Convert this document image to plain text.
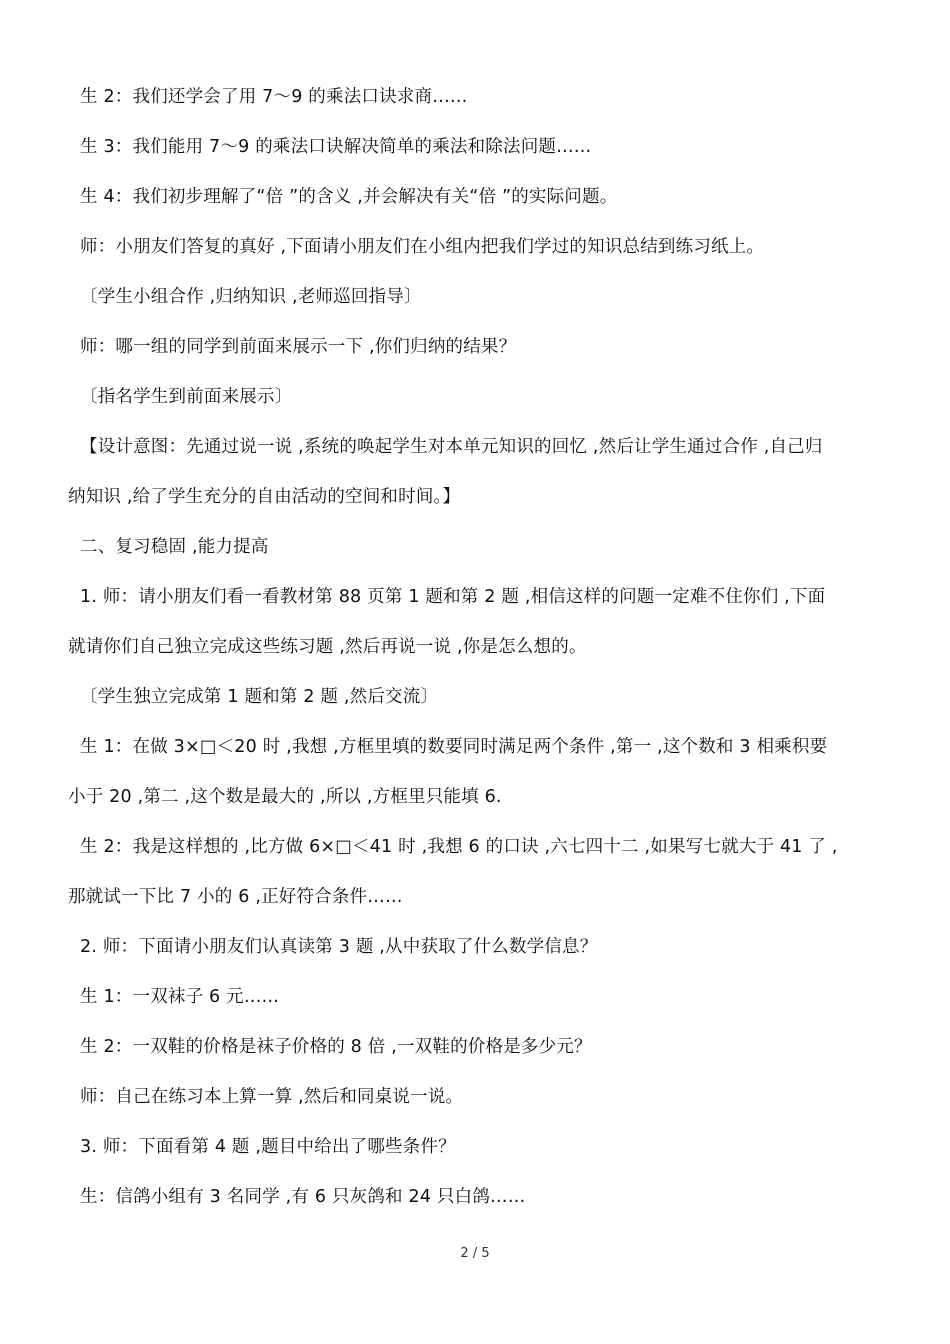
生 2：我们还学会了用 7～9 的乘法口诀求商……
生 3：我们能用 7～9 的乘法口诀解决简单的乘法和除法问题……
生 4：我们初步理解了“倍 ”的含义 ,并会解决有关“倍 ”的实际问题。
师：小朋友们答复的真好 ,下面请小朋友们在小组内把我们学过的知识总结到练习纸上。
〔学生小组合作 ,归纳知识 ,老师巡回指导〕
师：哪一组的同学到前面来展示一下 ,你们归纳的结果？
〔指名学生到前面来展示〕
【设计意图：先通过说一说 ,系统的唤起学生对本单元知识的回忆 ,然后让学生通过合作 ,自己归
纳知识 ,给了学生充分的自由活动的空间和时间。】
二、复习稳固 ,能力提高
1. 师：请小朋友们看一看教材第 88 页第 1 题和第 2 题 ,相信这样的问题一定难不住你们 ,下面
就请你们自己独立完成这些练习题 ,然后再说一说 ,你是怎么想的。
〔学生独立完成第 1 题和第 2 题 ,然后交流〕
生 1：在做 3×□＜20 时 ,我想 ,方框里填的数要同时满足两个条件 ,第一 ,这个数和 3 相乘积要
小于 20 ,第二 ,这个数是最大的 ,所以 ,方框里只能填 6.
生 2：我是这样想的 ,比方做 6×□＜41 时 ,我想 6 的口诀 ,六七四十二 ,如果写七就大于 41 了 ,
那就试一下比 7 小的 6 ,正好符合条件……
2. 师：下面请小朋友们认真读第 3 题 ,从中获取了什么数学信息？
生 1：一双袜子 6 元……
生 2：一双鞋的价格是袜子价格的 8 倍 ,一双鞋的价格是多少元？
师：自己在练习本上算一算 ,然后和同桌说一说。
3. 师：下面看第 4 题 ,题目中给出了哪些条件？
生：信鸽小组有 3 名同学 ,有 6 只灰鸽和 24 只白鸽……
2 / 5
